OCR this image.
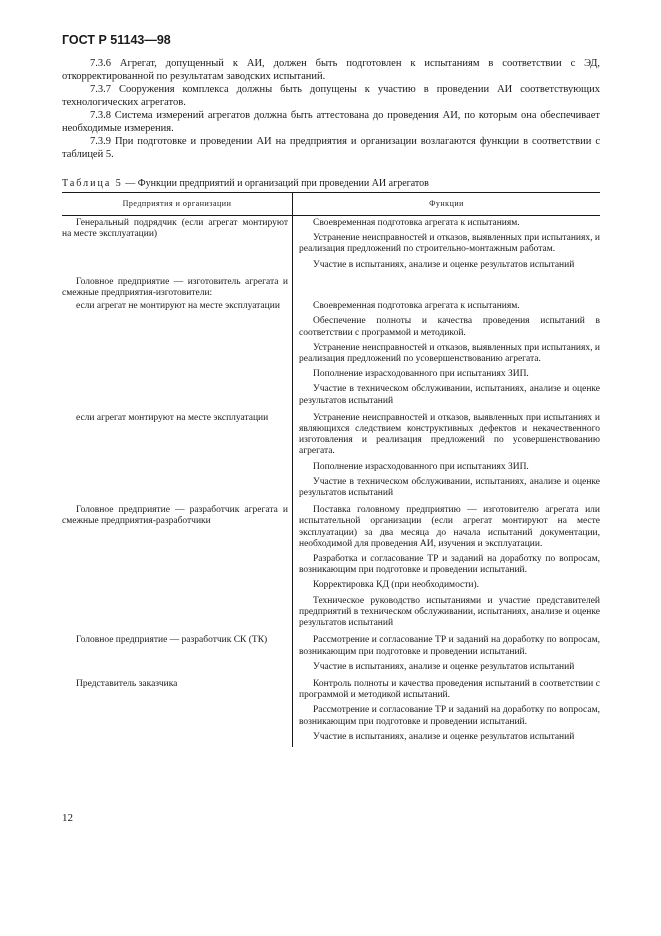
ГОСТ Р 51143—98

7.3.6 Агрегат, допущенный к АИ, должен быть подготовлен к испытаниям в соответствии с ЭД, откорректированной по результатам заводских испытаний.

7.3.7 Сооружения комплекса должны быть допущены к участию в проведении АИ соответствующих технологических агрегатов.

7.3.8 Система измерений агрегатов должна быть аттестована до проведения АИ, по которым она обеспечивает необходимые измерения.

7.3.9 При подготовке и проведении АИ на предприятия и организации возлагаются функции в соответствии с таблицей 5.

Таблица 5 — Функции предприятий и организаций при проведении АИ агрегатов
Предприятия и организации	Функции

Генеральный подрядчик (если агрегат монтируют на месте эксплуатации)	Своевременная подготовка агрегата к испытаниям.

Устранение неисправностей и отказов, выявленных при испытаниях, и реализация предложений по строительно-монтажным работам.

Участие в испытаниях, анализе и оценке результатов испытаний

Головное предприятие — изготовитель агрегата и смежные предприятия-изготовители:	

если агрегат не монтируют на месте эксплуатации	Своевременная подготовка агрегата к испытаниям.

Обеспечение полноты и качества проведения испытаний в соответствии с программой и методикой.

Устранение неисправностей и отказов, выявленных при испытаниях, и реализация предложений по усовершенствованию агрегата.

Пополнение израсходованного при испытаниях ЗИП.

Участие в техническом обслуживании, испытаниях, анализе и оценке результатов испытаний

если агрегат монтируют на месте эксплуатации	Устранение неисправностей и отказов, выявленных при испытаниях и являющихся следствием конструктивных дефектов и некачественного изготовления и реализация предложений по усовершенствованию агрегата.

Пополнение израсходованного при испытаниях ЗИП.

Участие в техническом обслуживании, испытаниях, анализе и оценке результатов испытаний

Головное предприятие — разработчик агрегата и смежные предприятия-разработчики	Поставка головному предприятию — изготовителю агрегата или испытательной организации (если агрегат монтируют на месте эксплуатации) за два месяца до начала испытаний документации, необходимой для проведения АИ, изучения и эксплуатации.

Разработка и согласование ТР и заданий на доработку по вопросам, возникающим при подготовке и проведении испытаний.

Корректировка КД (при необходимости).

Техническое руководство испытаниями и участие представителей предприятий в техническом обслуживании, испытаниях, анализе и оценке результатов испытаний

Головное предприятие — разработчик СК (ТК)	Рассмотрение и согласование ТР и заданий на доработку по вопросам, возникающим при подготовке и проведении испытаний.

Участие в испытаниях, анализе и оценке результатов испытаний

Представитель заказчика	Контроль полноты и качества проведения испытаний в соответствии с программой и методикой испытаний.

Рассмотрение и согласование ТР и заданий на доработку по вопросам, возникающим при подготовке и проведении испытаний.

Участие в испытаниях, анализе и оценке результатов испытаний

12
